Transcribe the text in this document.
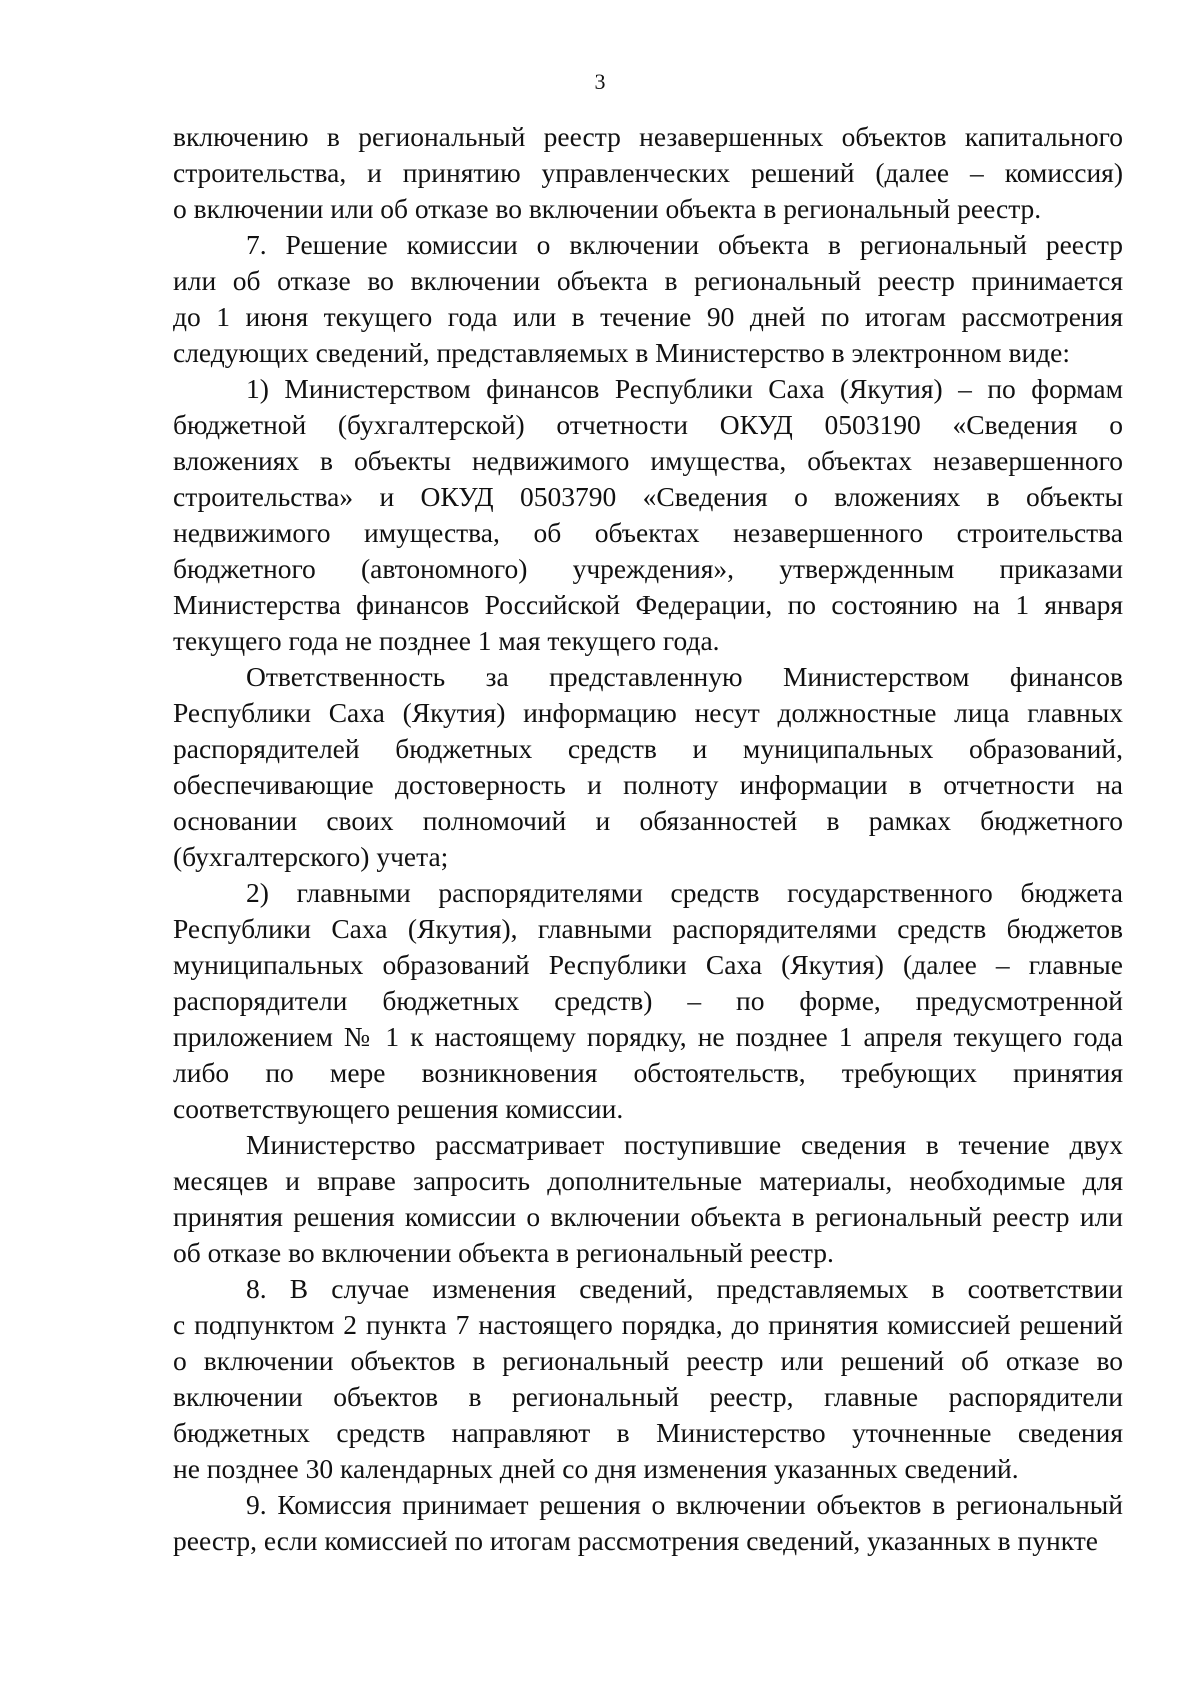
3
включению в региональный реестр незавершенных объектов капитального
строительства, и принятию управленческих решений (далее – комиссия)
о включении или об отказе во включении объекта в региональный реестр.
7. Решение комиссии о включении объекта в региональный реестр
или об отказе во включении объекта в региональный реестр принимается
до 1 июня текущего года или в течение 90 дней по итогам рассмотрения
следующих сведений, представляемых в Министерство в электронном виде:
1) Министерством финансов Республики Саха (Якутия) – по формам
бюджетной (бухгалтерской) отчетности ОКУД 0503190 «Сведения о
вложениях в объекты недвижимого имущества, объектах незавершенного
строительства» и ОКУД 0503790 «Сведения о вложениях в объекты
недвижимого имущества, об объектах незавершенного строительства
бюджетного (автономного) учреждения», утвержденным приказами
Министерства финансов Российской Федерации, по состоянию на 1 января
текущего года не позднее 1 мая текущего года.
Ответственность за представленную Министерством финансов
Республики Саха (Якутия) информацию несут должностные лица главных
распорядителей бюджетных средств и муниципальных образований,
обеспечивающие достоверность и полноту информации в отчетности на
основании своих полномочий и обязанностей в рамках бюджетного
(бухгалтерского) учета;
2) главными распорядителями средств государственного бюджета
Республики Саха (Якутия), главными распорядителями средств бюджетов
муниципальных образований Республики Саха (Якутия) (далее – главные
распорядители бюджетных средств) – по форме, предусмотренной
приложением № 1 к настоящему порядку, не позднее 1 апреля текущего года
либо по мере возникновения обстоятельств, требующих принятия
соответствующего решения комиссии.
Министерство рассматривает поступившие сведения в течение двух
месяцев и вправе запросить дополнительные материалы, необходимые для
принятия решения комиссии о включении объекта в региональный реестр или
об отказе во включении объекта в региональный реестр.
8. В случае изменения сведений, представляемых в соответствии
с подпунктом 2 пункта 7 настоящего порядка, до принятия комиссией решений
о включении объектов в региональный реестр или решений об отказе во
включении объектов в региональный реестр, главные распорядители
бюджетных средств направляют в Министерство уточненные сведения
не позднее 30 календарных дней со дня изменения указанных сведений.
9. Комиссия принимает решения о включении объектов в региональный
реестр, если комиссией по итогам рассмотрения сведений, указанных в пункте
